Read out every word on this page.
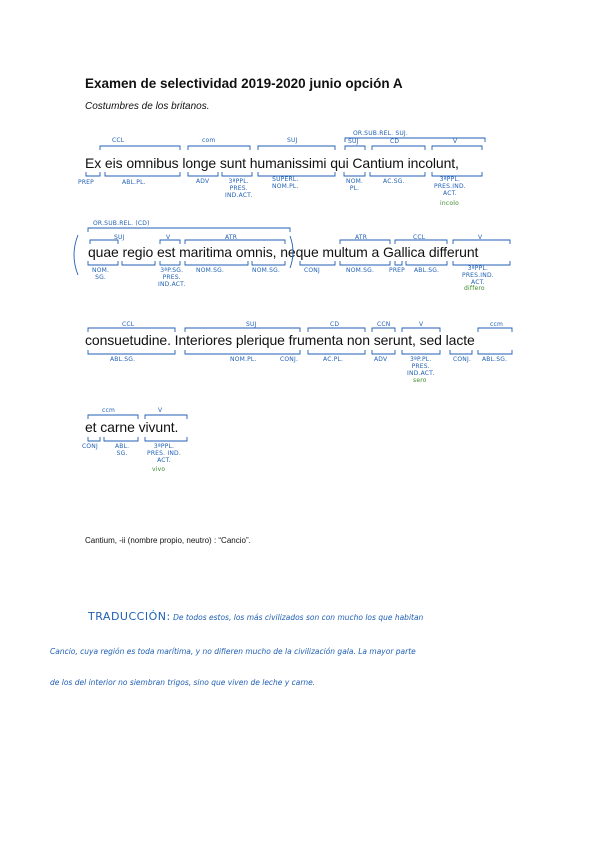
Examen de selectividad 2019-2020 junio opción A
Costumbres de los britanos.
Ex eis omnibus longe sunt humanissimi qui Cantium incolunt,
quae regio est maritima omnis, neque multum a Gallica differunt
consuetudine. Interiores plerique frumenta non serunt, sed lacte
et carne vivunt.
CCL	com	SUJ
OR.SUB.REL. SUJ.
SUJ	CD	V
PREP	ABL.PL.	ADV	3ªPPL.
PRES.
IND.ACT.
SUPERL.
NOM.PL.
NOM.
PL.
AC.SG.	3ªPPL.
PRES.IND.
ACT.
incolo
OR.SUB.REL. (CD)
SUJ	V	ATR	ATR	CCL	V
NOM.
SG.
3ªP.SG.
PRES.
IND.ACT.
NOM.SG.	NOM.SG.	CONJ	NOM.SG. PREP ABL.SG.	3ªPPL.
PRES.IND.
ACT.
differo
CCL	SUJ	CD	CCN	V	ccm
ABL.SG.	NOM.PL.	CONJ.	AC.PL.	ADV	3ªP.PL.
PRES.
IND.ACT.
sero
CONJ. ABL.SG.
ccm	V
CONJ	ABL.
SG.
3ªPPL.
PRES. IND.
ACT.
vivo
Cantium, -ii (nombre propio, neutro) : “Cancio”.
TRADUCCIÓN: De todos estos, los más civilizados son con mucho los que habitan
Cancio, cuya región es toda marítima, y no difieren mucho de la civilización gala. La mayor parte
de los del interior no siembran trigos, sino que viven de leche y carne.
